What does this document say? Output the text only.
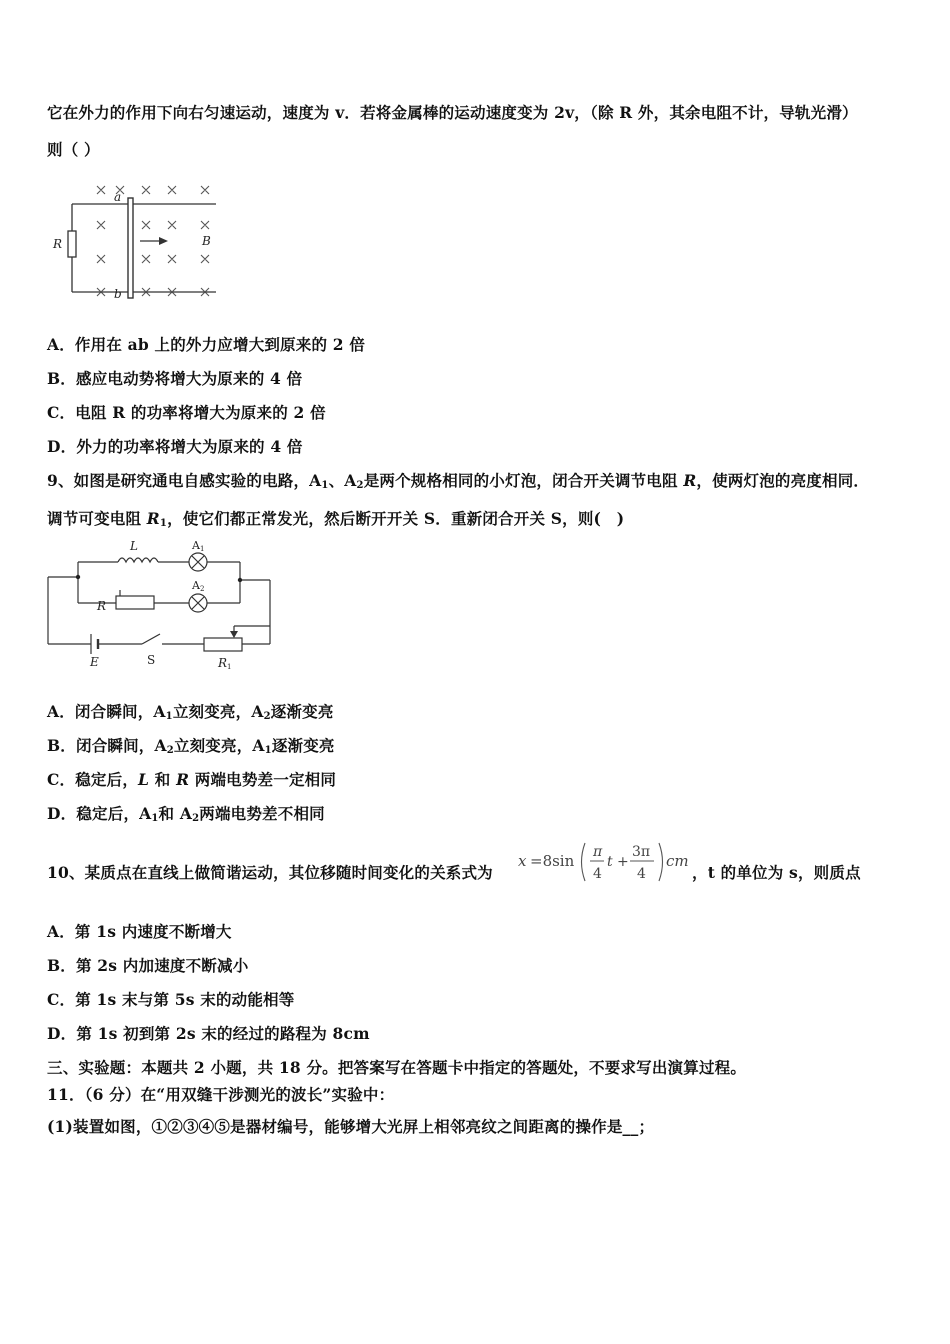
它在外力的作用下向右匀速运动，速度为 v．若将金属棒的运动速度变为 2v，（除 R 外，其余电阻不计，导轨光滑）
则（ ）
a
b
R	B
A．作用在 ab 上的外力应增大到原来的 2 倍
B．感应电动势将增大为原来的 4 倍
C．电阻 R 的功率将增大为原来的 2 倍
D．外力的功率将增大为原来的 4 倍
9、如图是研究通电自感实验的电路，$A_1$、$A_2$是两个规格相同的小灯泡，闭合开关调节电阻 R，使两灯泡的亮度相同．
调节可变电阻 $R_1$，使它们都正常发光，然后断开开关 S．重新闭合开关 S，则(　)
L	A1
A2
R
E	S	R1
A．闭合瞬间，$A_1$立刻变亮，$A_2$逐渐变亮
B．闭合瞬间，$A_2$立刻变亮，$A_1$逐渐变亮
C．稳定后，L 和 R 两端电势差一定相同
D．稳定后，$A_1$和 $A_2$两端电势差不相同
10、某质点在直线上做简谐运动，其位移随时间变化的关系式为
x =8sin π
4
t +
3π
4
cm
，t 的单位为 s，则质点
A．第 1s 内速度不断增大
B．第 2s 内加速度不断减小
C．第 1s 末与第 5s 末的动能相等
D．第 1s 初到第 2s 末的经过的路程为 8cm
三、实验题：本题共 2 小题，共 18 分。把答案写在答题卡中指定的答题处，不要求写出演算过程。
11．（6 分）在“用双缝干涉测光的波长”实验中：
(1)装置如图，①②③④⑤是器材编号，能够增大光屏上相邻亮纹之间距离的操作是__；
